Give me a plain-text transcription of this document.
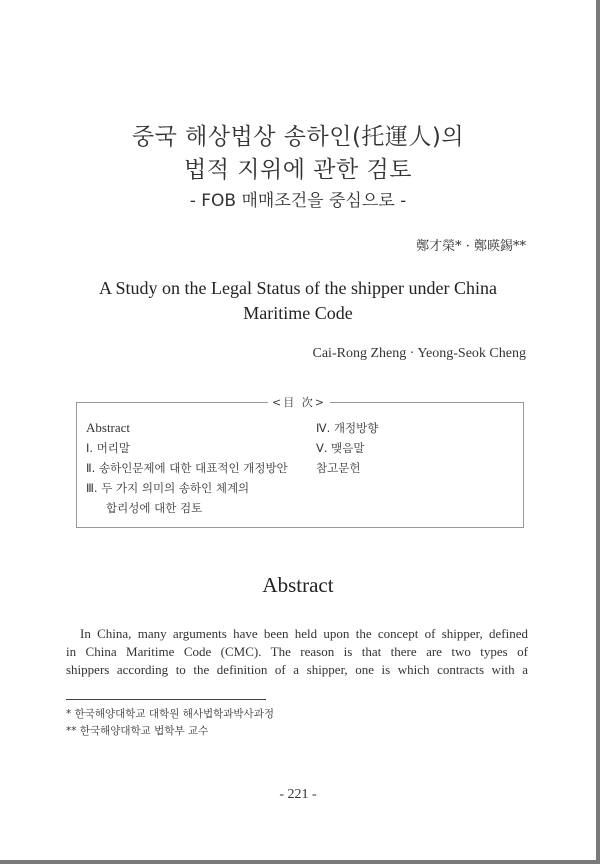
중국 해상법상 송하인(托運人)의
법적 지위에 관한 검토
- FOB 매매조건을 중심으로 -
鄭才榮* · 鄭暎錫**
A Study on the Legal Status of the shipper under China
Maritime Code
Cai-Rong Zheng · Yeong-Seok Cheng
<目 次>
Abstract
Ⅰ. 머리말
Ⅱ. 송하인문제에 대한 대표적인 개정방안
Ⅲ. 두 가지 의미의 송하인 체계의
합리성에 대한 검토
Ⅳ. 개정방향
Ⅴ. 맺음말
참고문헌
Abstract
In China, many arguments have been held upon the concept of shipper, defined
in China Maritime Code (CMC). The reason is that there are two types of
shippers according to the definition of a shipper, one is which contracts with a
* 한국해양대학교 대학원 해사법학과박사과정
** 한국해양대학교 법학부 교수
- 221 -
